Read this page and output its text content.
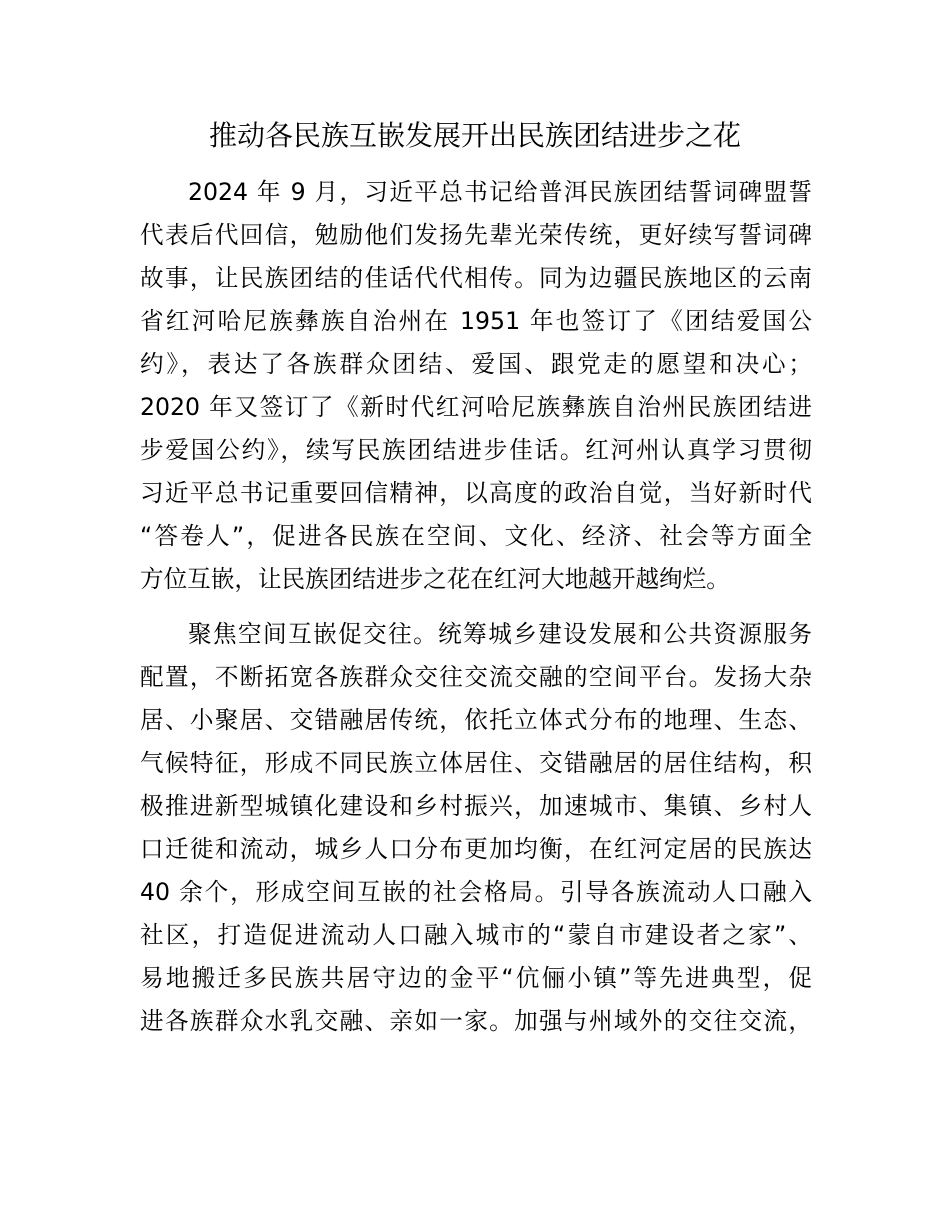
推动各民族互嵌发展开出民族团结进步之花
2024 年 9 月，习近平总书记给普洱民族团结誓词碑盟誓
代表后代回信，勉励他们发扬先辈光荣传统，更好续写誓词碑
故事，让民族团结的佳话代代相传。同为边疆民族地区的云南
省红河哈尼族彝族自治州在 1951 年也签订了《团结爱国公
约》，表达了各族群众团结、爱国、跟党走的愿望和决心；
2020 年又签订了《新时代红河哈尼族彝族自治州民族团结进
步爱国公约》，续写民族团结进步佳话。红河州认真学习贯彻
习近平总书记重要回信精神，以高度的政治自觉，当好新时代
“答卷人”，促进各民族在空间、文化、经济、社会等方面全
方位互嵌，让民族团结进步之花在红河大地越开越绚烂。
聚焦空间互嵌促交往。统筹城乡建设发展和公共资源服务
配置，不断拓宽各族群众交往交流交融的空间平台。发扬大杂
居、小聚居、交错融居传统，依托立体式分布的地理、生态、
气候特征，形成不同民族立体居住、交错融居的居住结构，积
极推进新型城镇化建设和乡村振兴，加速城市、集镇、乡村人
口迁徙和流动，城乡人口分布更加均衡，在红河定居的民族达
40 余个，形成空间互嵌的社会格局。引导各族流动人口融入
社区，打造促进流动人口融入城市的“蒙自市建设者之家”、
易地搬迁多民族共居守边的金平“伉俪小镇”等先进典型，促
进各族群众水乳交融、亲如一家。加强与州域外的交往交流，
